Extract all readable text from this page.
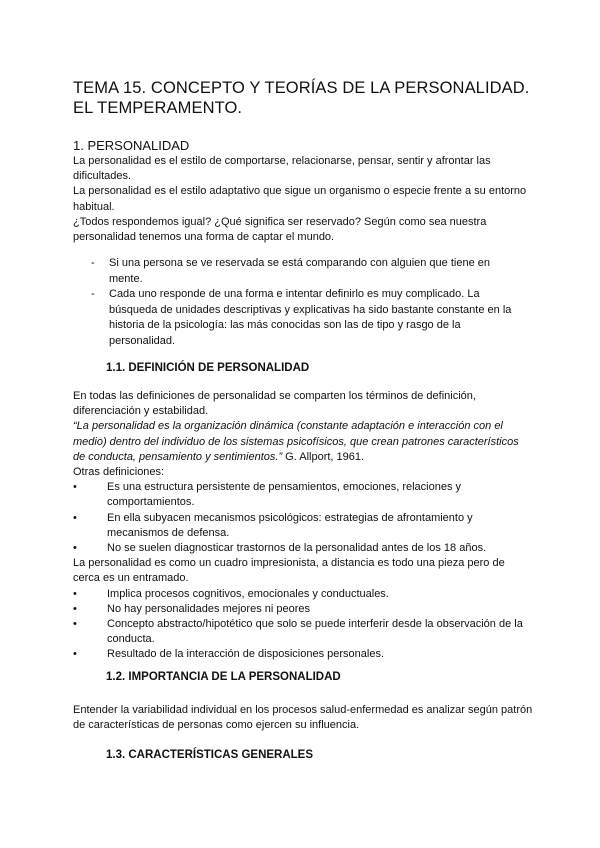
TEMA 15. CONCEPTO Y TEORÍAS DE LA PERSONALIDAD.
EL TEMPERAMENTO.
1. PERSONALIDAD

La personalidad es el estilo de comportarse, relacionarse, pensar, sentir y afrontar las dificultades.

La personalidad es el estilo adaptativo que sigue un organismo o especie frente a su entorno habitual.

¿Todos respondemos igual? ¿Qué significa ser reservado? Según como sea nuestra personalidad tenemos una forma de captar el mundo.

- Si una persona se ve reservada se está comparando con alguien que tiene en mente.
- Cada uno responde de una forma e intentar definirlo es muy complicado. La búsqueda de unidades descriptivas y explicativas ha sido bastante constante en la historia de la psicología: las más conocidas son las de tipo y rasgo de la personalidad.
1.1. DEFINICIÓN DE PERSONALIDAD

En todas las definiciones de personalidad se comparten los términos de definición, diferenciación y estabilidad.

“La personalidad es la organización dinámica (constante adaptación e interacción con el medio) dentro del individuo de los sistemas psicofísicos, que crean patrones característicos de conducta, pensamiento y sentimientos.” G. Allport, 1961.

Otras definiciones:

•	Es una estructura persistente de pensamientos, emociones, relaciones y comportamientos.
•	En ella subyacen mecanismos psicológicos: estrategias de afrontamiento y mecanismos de defensa.
•	No se suelen diagnosticar trastornos de la personalidad antes de los 18 años.

La personalidad es como un cuadro impresionista, a distancia es todo una pieza pero de cerca es un entramado.

•	Implica procesos cognitivos, emocionales y conductuales.
•	No hay personalidades mejores ni peores
•	Concepto abstracto/hipotético que solo se puede interferir desde la observación de la conducta.
•	Resultado de la interacción de disposiciones personales.
1.2. IMPORTANCIA DE LA PERSONALIDAD

Entender la variabilidad individual en los procesos salud-enfermedad es analizar según patrón de características de personas como ejercen su influencia.

1.3. CARACTERÍSTICAS GENERALES
